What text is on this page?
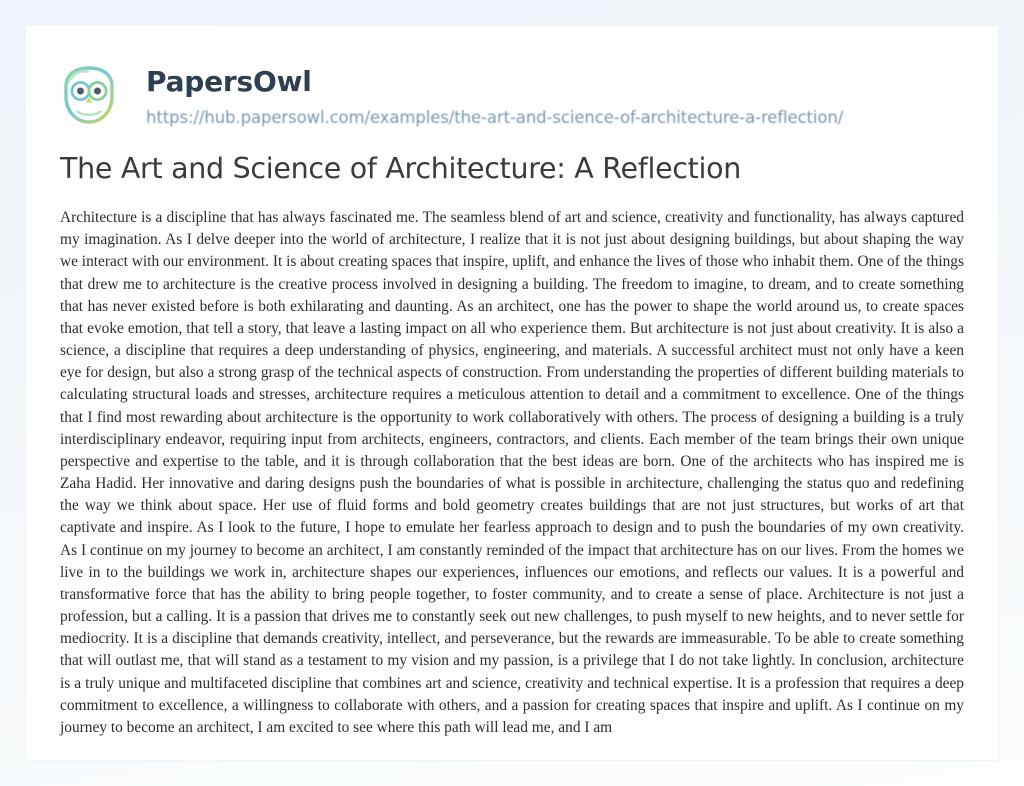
PapersOwl
https://hub.papersowl.com/examples/the-art-and-science-of-architecture-a-reflection/
The Art and Science of Architecture: A Reflection

Architecture is a discipline that has always fascinated me. The seamless blend of art and science, creativity and functionality, has always captured my imagination. As I delve deeper into the world of architecture, I realize that it is not just about designing buildings, but about shaping the way we interact with our environment. It is about creating spaces that inspire, uplift, and enhance the lives of those who inhabit them. One of the things that drew me to architecture is the creative process involved in designing a building. The freedom to imagine, to dream, and to create something that has never existed before is both exhilarating and daunting. As an architect, one has the power to shape the world around us, to create spaces that evoke emotion, that tell a story, that leave a lasting impact on all who experience them. But architecture is not just about creativity. It is also a science, a discipline that requires a deep understanding of physics, engineering, and materials. A successful architect must not only have a keen eye for design, but also a strong grasp of the technical aspects of construction. From understanding the properties of different building materials to calculating structural loads and stresses, architecture requires a meticulous attention to detail and a commitment to excellence. One of the things that I find most rewarding about architecture is the opportunity to work collaboratively with others. The process of designing a building is a truly interdisciplinary endeavor, requiring input from architects, engineers, contractors, and clients. Each member of the team brings their own unique perspective and expertise to the table, and it is through collaboration that the best ideas are born. One of the architects who has inspired me is Zaha Hadid. Her innovative and daring designs push the boundaries of what is possible in architecture, challenging the status quo and redefining the way we think about space. Her use of fluid forms and bold geometry creates buildings that are not just structures, but works of art that captivate and inspire. As I look to the future, I hope to emulate her fearless approach to design and to push the boundaries of my own creativity. As I continue on my journey to become an architect, I am constantly reminded of the impact that architecture has on our lives. From the homes we live in to the buildings we work in, architecture shapes our experiences, influences our emotions, and reflects our values. It is a powerful and transformative force that has the ability to bring people together, to foster community, and to create a sense of place. Architecture is not just a profession, but a calling. It is a passion that drives me to constantly seek out new challenges, to push myself to new heights, and to never settle for mediocrity. It is a discipline that demands creativity, intellect, and perseverance, but the rewards are immeasurable. To be able to create something that will outlast me, that will stand as a testament to my vision and my passion, is a privilege that I do not take lightly. In conclusion, architecture is a truly unique and multifaceted discipline that combines art and science, creativity and technical expertise. It is a profession that requires a deep commitment to excellence, a willingness to collaborate with others, and a passion for creating spaces that inspire and uplift. As I continue on my journey to become an architect, I am excited to see where this path will lead me, and I am
